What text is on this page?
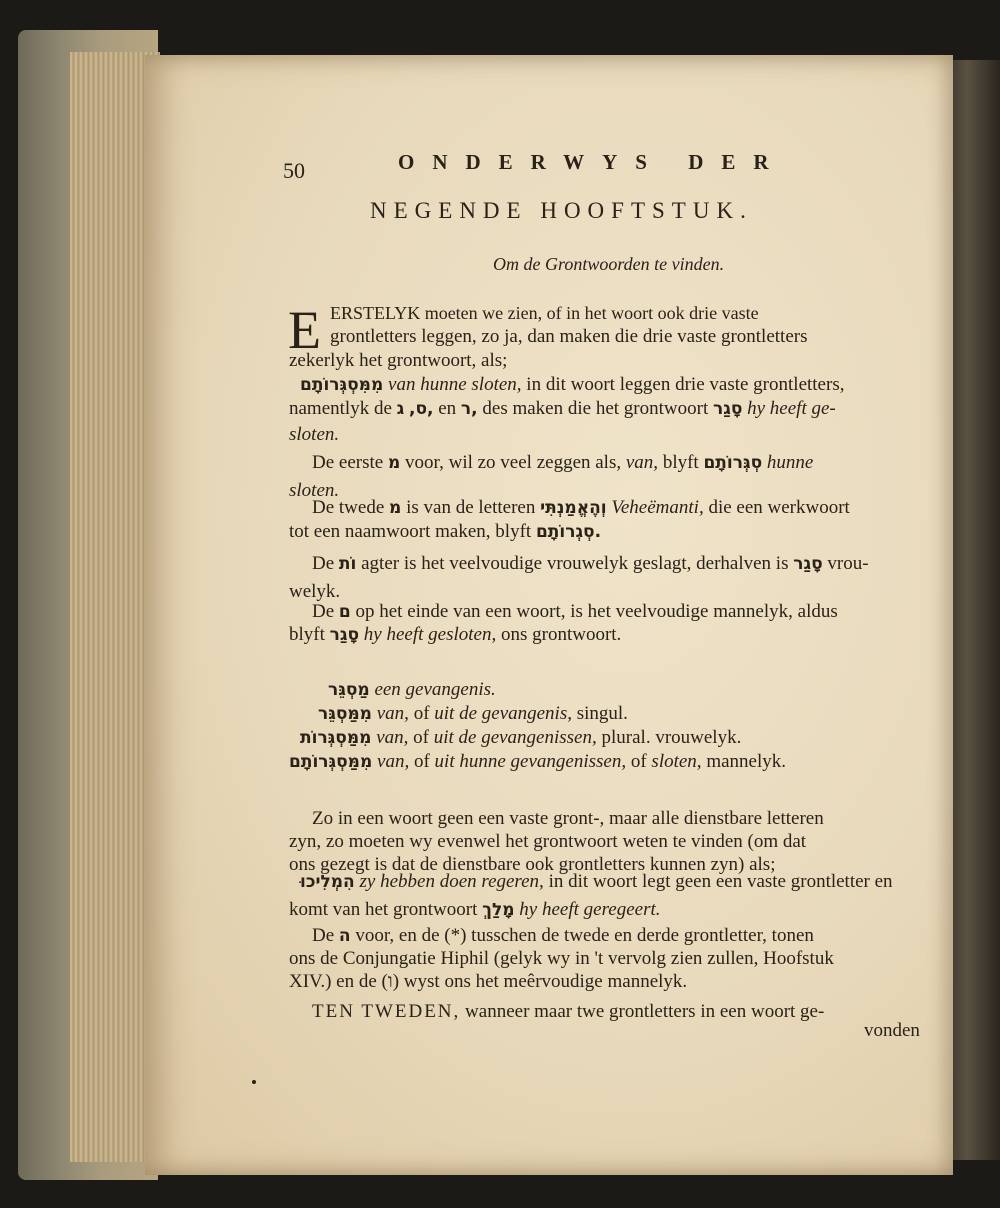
50	ONDERWYS DER
NEGENDE HOOFTSTUK.
Om de Grontwoorden te vinden.
E ERSTELYK moeten we zien, of in het woort ook drie vaste
grontletters leggen, zo ja, dan maken die drie vaste grontletters
zekerlyk het grontwoort, als;
מִמִּסְגְּרוֹתָם van hunne sloten, in dit woort leggen drie vaste grontletters,
namentlyk de ס, ג, en ר, des maken die het grontwoort סָגַר hy heeft ge-
sloten.
De eerste מ voor, wil zo veel zeggen als, van, blyft סְגְּרוֹתָם hunne
sloten.
De twede מ is van de letteren וְהֶאֱמַנְתִּי Veheëmanti, die een werkwoort
tot een naamwoort maken, blyft סְגְרוֹתָם.
De וֹת agter is het veelvoudige vrouwelyk geslagt, derhalven is סָגַר vrou-
welyk.
De ם op het einde van een woort, is het veelvoudige mannelyk, aldus
blyft סָגַר hy heeft gesloten, ons grontwoort.
מַסְגֵּר een gevangenis.
מִמַּסְגֵּר van, of uit de gevangenis, singul.
מִמַּסְגְּרוֹת van, of uit de gevangenissen, plural. vrouwelyk.
מִמַּסְגְּרוֹתָם van, of uit hunne gevangenissen, of sloten, mannelyk.
Zo in een woort geen een vaste gront-, maar alle dienstbare letteren
zyn, zo moeten wy evenwel het grontwoort weten te vinden (om dat
ons gezegt is dat de dienstbare ook grontletters kunnen zyn) als;
הִמְלִיכוּ zy hebben doen regeren, in dit woort legt geen een vaste grontletter en
komt van het grontwoort מָלַךְ hy heeft geregeert.
De ה voor, en de (*) tusschen de twede en derde grontletter, tonen
ons de Conjungatie Hiphil (gelyk wy in 't vervolg zien zullen, Hoofstuk
XIV.) en de (ו) wyst ons het meêrvoudige mannelyk.
TEN TWEDEN, wanneer maar twe grontletters in een woort ge-
vonden
